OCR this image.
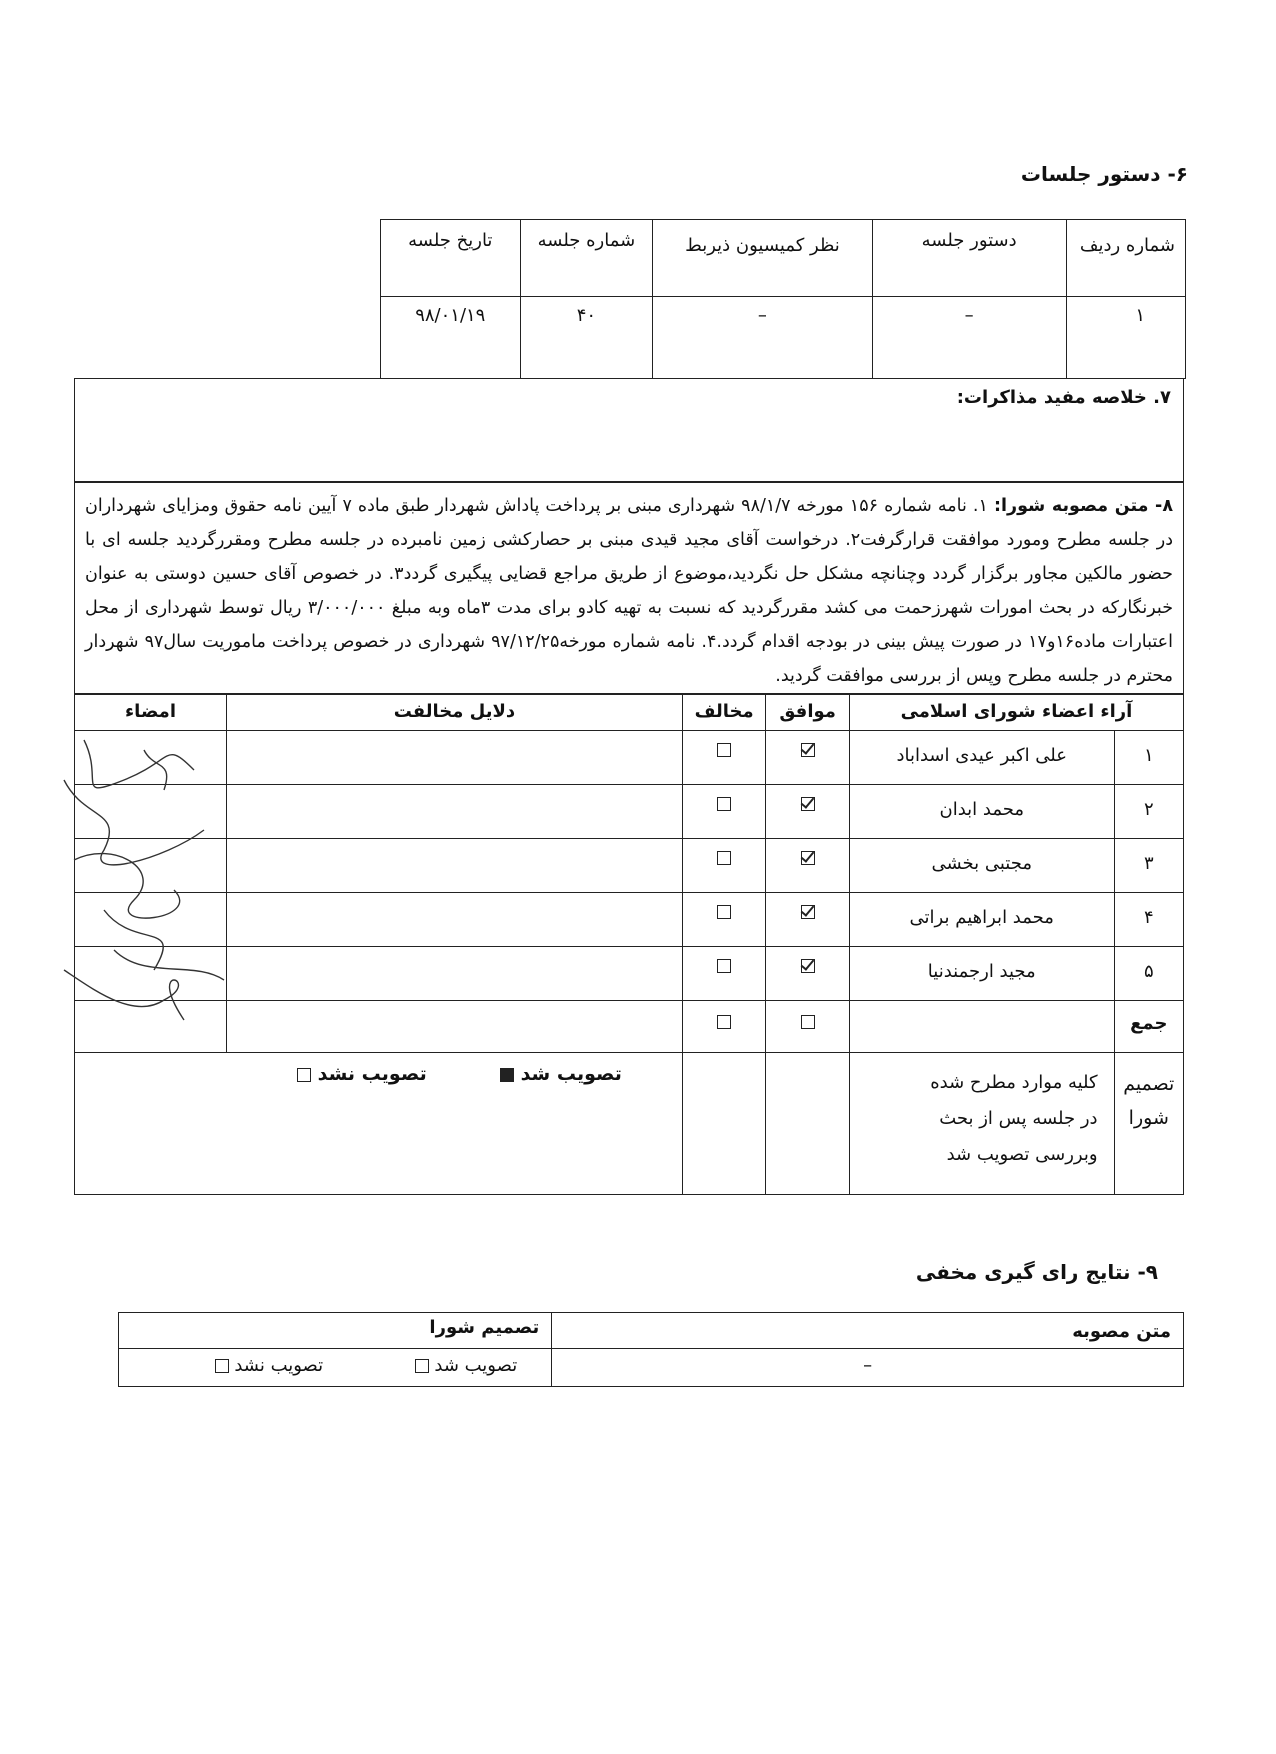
۶- دستور جلسات
شماره ردیف	دستور جلسه	نظر کمیسیون ذیربط	شماره جلسه	تاریخ جلسه
۱	–	–	۴۰	۹۸/۰۱/۱۹
۷. خلاصه مفید مذاکرات:
۸- متن مصوبه شورا: ۱. نامه شماره ۱۵۶ مورخه ۹۸/۱/۷ شهرداری مبنی بر پرداخت پاداش شهردار طبق ماده ۷ آیین نامه حقوق ومزایای شهرداران در جلسه مطرح ومورد موافقت قرارگرفت۲. درخواست آقای مجید قیدی مبنی بر حصارکشی زمین نامبرده در جلسه مطرح ومقررگردید جلسه ای با حضور مالکین مجاور برگزار گردد وچنانچه مشکل حل نگردید،موضوع از طریق مراجع قضایی پیگیری گردد۳. در خصوص آقای حسین دوستی به عنوان خبرنگارکه در بحث امورات شهرزحمت می کشد مقررگردید که نسبت به تهیه کادو برای مدت ۳ماه وبه مبلغ ۳/۰۰۰/۰۰۰ ریال توسط شهرداری از محل اعتبارات ماده۱۶و۱۷ در صورت پیش بینی در بودجه اقدام گردد.۴. نامه شماره مورخه۹۷/۱۲/۲۵ شهرداری در خصوص پرداخت ماموریت سال۹۷ شهردار محترم در جلسه مطرح وپس از بررسی موافقت گردید.
آراء اعضاء شورای اسلامی		موافق	مخالف	دلایل مخالفت	امضاء
۱	علی اکبر عیدی اسداباد				
۲	محمد ابدان				
۳	مجتبی بخشی				
۴	محمد ابراهیم براتی				
۵	مجید ارجمندنیا				
جمع					
تصمیم شورا	کلیه موارد مطرح شده
در جلسه پس از بحث
وبررسی تصویب شد			تصویب شد   تصویب نشد	
۹- نتایج رای گیری مخفی
متن مصوبه	تصمیم شورا
–	تصویب شد   تصویب نشد
